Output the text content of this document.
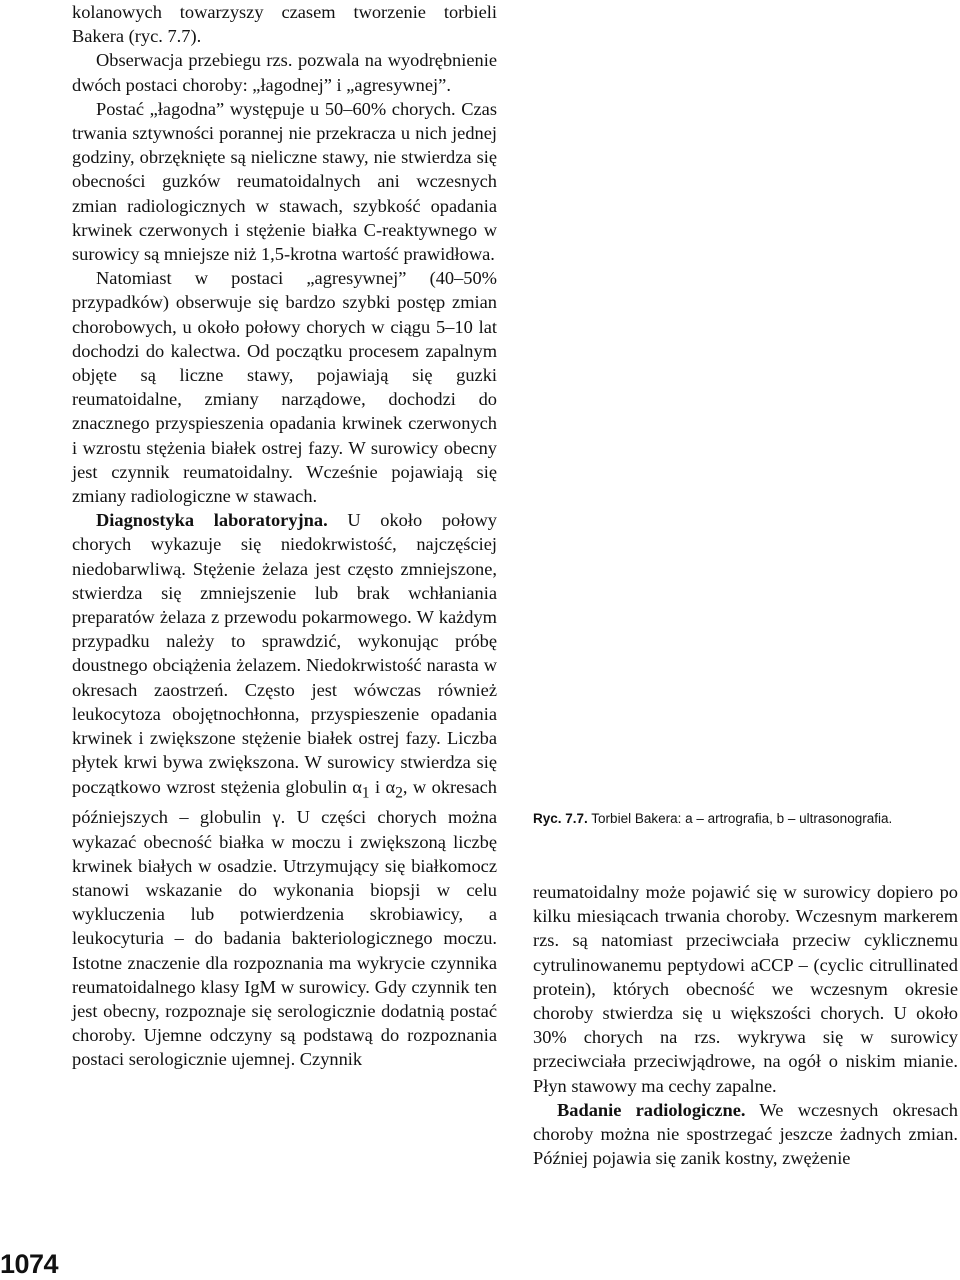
kolanowych towarzyszy czasem tworzenie torbieli Bakera (ryc. 7.7).

Obserwacja przebiegu rzs. pozwala na wyodrębnienie dwóch postaci choroby: „łagodnej” i „agresywnej”.

Postać „łagodna” występuje u 50–60% chorych. Czas trwania sztywności porannej nie przekracza u nich jednej godziny, obrzęknięte są nieliczne stawy, nie stwierdza się obecności guzków reumatoidalnych ani wczesnych zmian radiologicznych w stawach, szybkość opadania krwinek czerwonych i stężenie białka C-reaktywnego w surowicy są mniejsze niż 1,5-krotna wartość prawidłowa.

Natomiast w postaci „agresywnej” (40–50% przypadków) obserwuje się bardzo szybki postęp zmian chorobowych, u około połowy chorych w ciągu 5–10 lat dochodzi do kalectwa. Od początku procesem zapalnym objęte są liczne stawy, pojawiają się guzki reumatoidalne, zmiany narządowe, dochodzi do znacznego przyspieszenia opadania krwinek czerwonych i wzrostu stężenia białek ostrej fazy. W surowicy obecny jest czynnik reumatoidalny. Wcześnie pojawiają się zmiany radiologiczne w stawach.

Diagnostyka laboratoryjna. U około połowy chorych wykazuje się niedokrwistość, najczęściej niedobarwliwą. Stężenie żelaza jest często zmniejszone, stwierdza się zmniejszenie lub brak wchłaniania preparatów żelaza z przewodu pokarmowego. W każdym przypadku należy to sprawdzić, wykonując próbę doustnego obciążenia żelazem. Niedokrwistość narasta w okresach zaostrzeń. Często jest wówczas również leukocytoza obojętnochłonna, przyspieszenie opadania krwinek i zwiększone stężenie białek ostrej fazy. Liczba płytek krwi bywa zwiększona. W surowicy stwierdza się początkowo wzrost stężenia globulin $\alpha_1$ i $\alpha_2$, w okresach późniejszych – globulin γ. U części chorych można wykazać obecność białka w moczu i zwiększoną liczbę krwinek białych w osadzie. Utrzymujący się białkomocz stanowi wskazanie do wykonania biopsji w celu wykluczenia lub potwierdzenia skrobiawicy, a leukocyturia – do badania bakteriologicznego moczu. Istotne znaczenie dla rozpoznania ma wykrycie czynnika reumatoidalnego klasy IgM w surowicy. Gdy czynnik ten jest obecny, rozpoznaje się serologicznie dodatnią postać choroby. Ujemne odczyny są podstawą do rozpoznania postaci serologicznie ujemnej. Czynnik

Ryc. 7.7. Torbiel Bakera: a – artrografia, b – ultrasonografia.

reumatoidalny może pojawić się w surowicy dopiero po kilku miesiącach trwania choroby. Wczesnym markerem rzs. są natomiast przeciwciała przeciw cyklicznemu cytrulinowanemu peptydowi aCCP – (cyclic citrullinated protein), których obecność we wczesnym okresie choroby stwierdza się u większości chorych. U około 30% chorych na rzs. wykrywa się w surowicy przeciwciała przeciwjądrowe, na ogół o niskim mianie. Płyn stawowy ma cechy zapalne.

Badanie radiologiczne. We wczesnych okresach choroby można nie spostrzegać jeszcze żadnych zmian. Później pojawia się zanik kostny, zwężenie

1074
